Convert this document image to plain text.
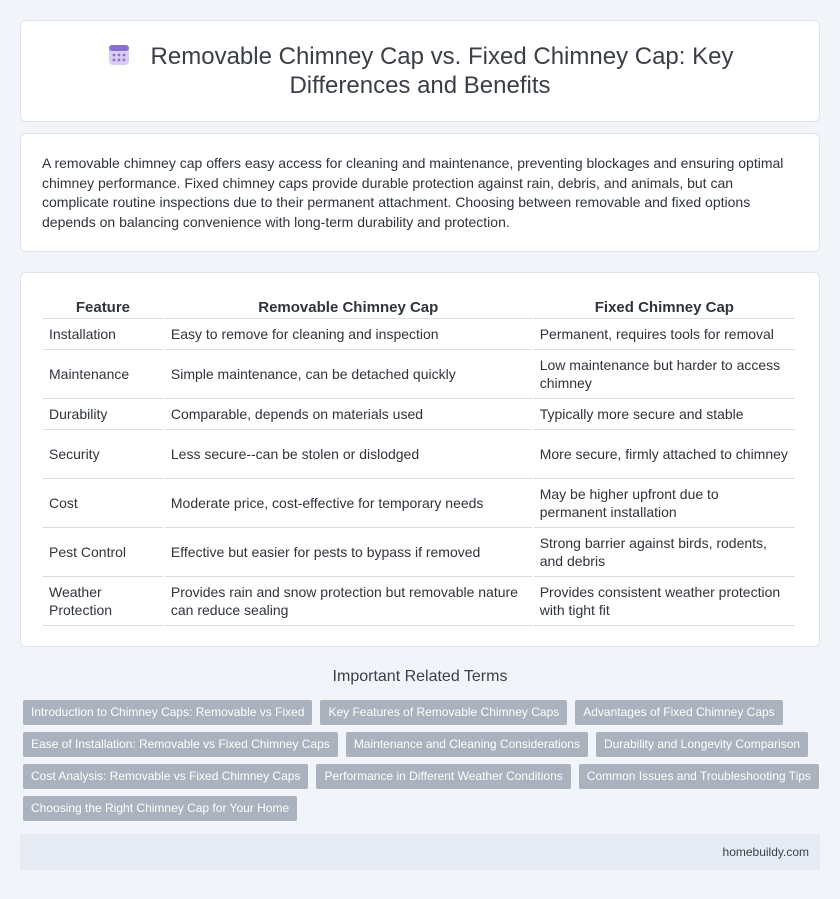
Removable Chimney Cap vs. Fixed Chimney Cap: Key Differences and Benefits

A removable chimney cap offers easy access for cleaning and maintenance, preventing blockages and ensuring optimal chimney performance. Fixed chimney caps provide durable protection against rain, debris, and animals, but can complicate routine inspections due to their permanent attachment. Choosing between removable and fixed options depends on balancing convenience with long-term durability and protection.

Feature	Removable Chimney Cap	Fixed Chimney Cap
Installation	Easy to remove for cleaning and inspection	Permanent, requires tools for removal
Maintenance	Simple maintenance, can be detached quickly	Low maintenance but harder to access chimney
Durability	Comparable, depends on materials used	Typically more secure and stable
Security	Less secure--can be stolen or dislodged	More secure, firmly attached to chimney
Cost	Moderate price, cost-effective for temporary needs	May be higher upfront due to permanent installation
Pest Control	Effective but easier for pests to bypass if removed	Strong barrier against birds, rodents, and debris
Weather Protection	Provides rain and snow protection but removable nature can reduce sealing	Provides consistent weather protection with tight fit
Important Related Terms
Introduction to Chimney Caps: Removable vs Fixed	Key Features of Removable Chimney Caps	Advantages of Fixed Chimney Caps
Ease of Installation: Removable vs Fixed Chimney Caps	Maintenance and Cleaning Considerations	Durability and Longevity Comparison
Cost Analysis: Removable vs Fixed Chimney Caps	Performance in Different Weather Conditions	Common Issues and Troubleshooting Tips
Choosing the Right Chimney Cap for Your Home
homebuildy.com
